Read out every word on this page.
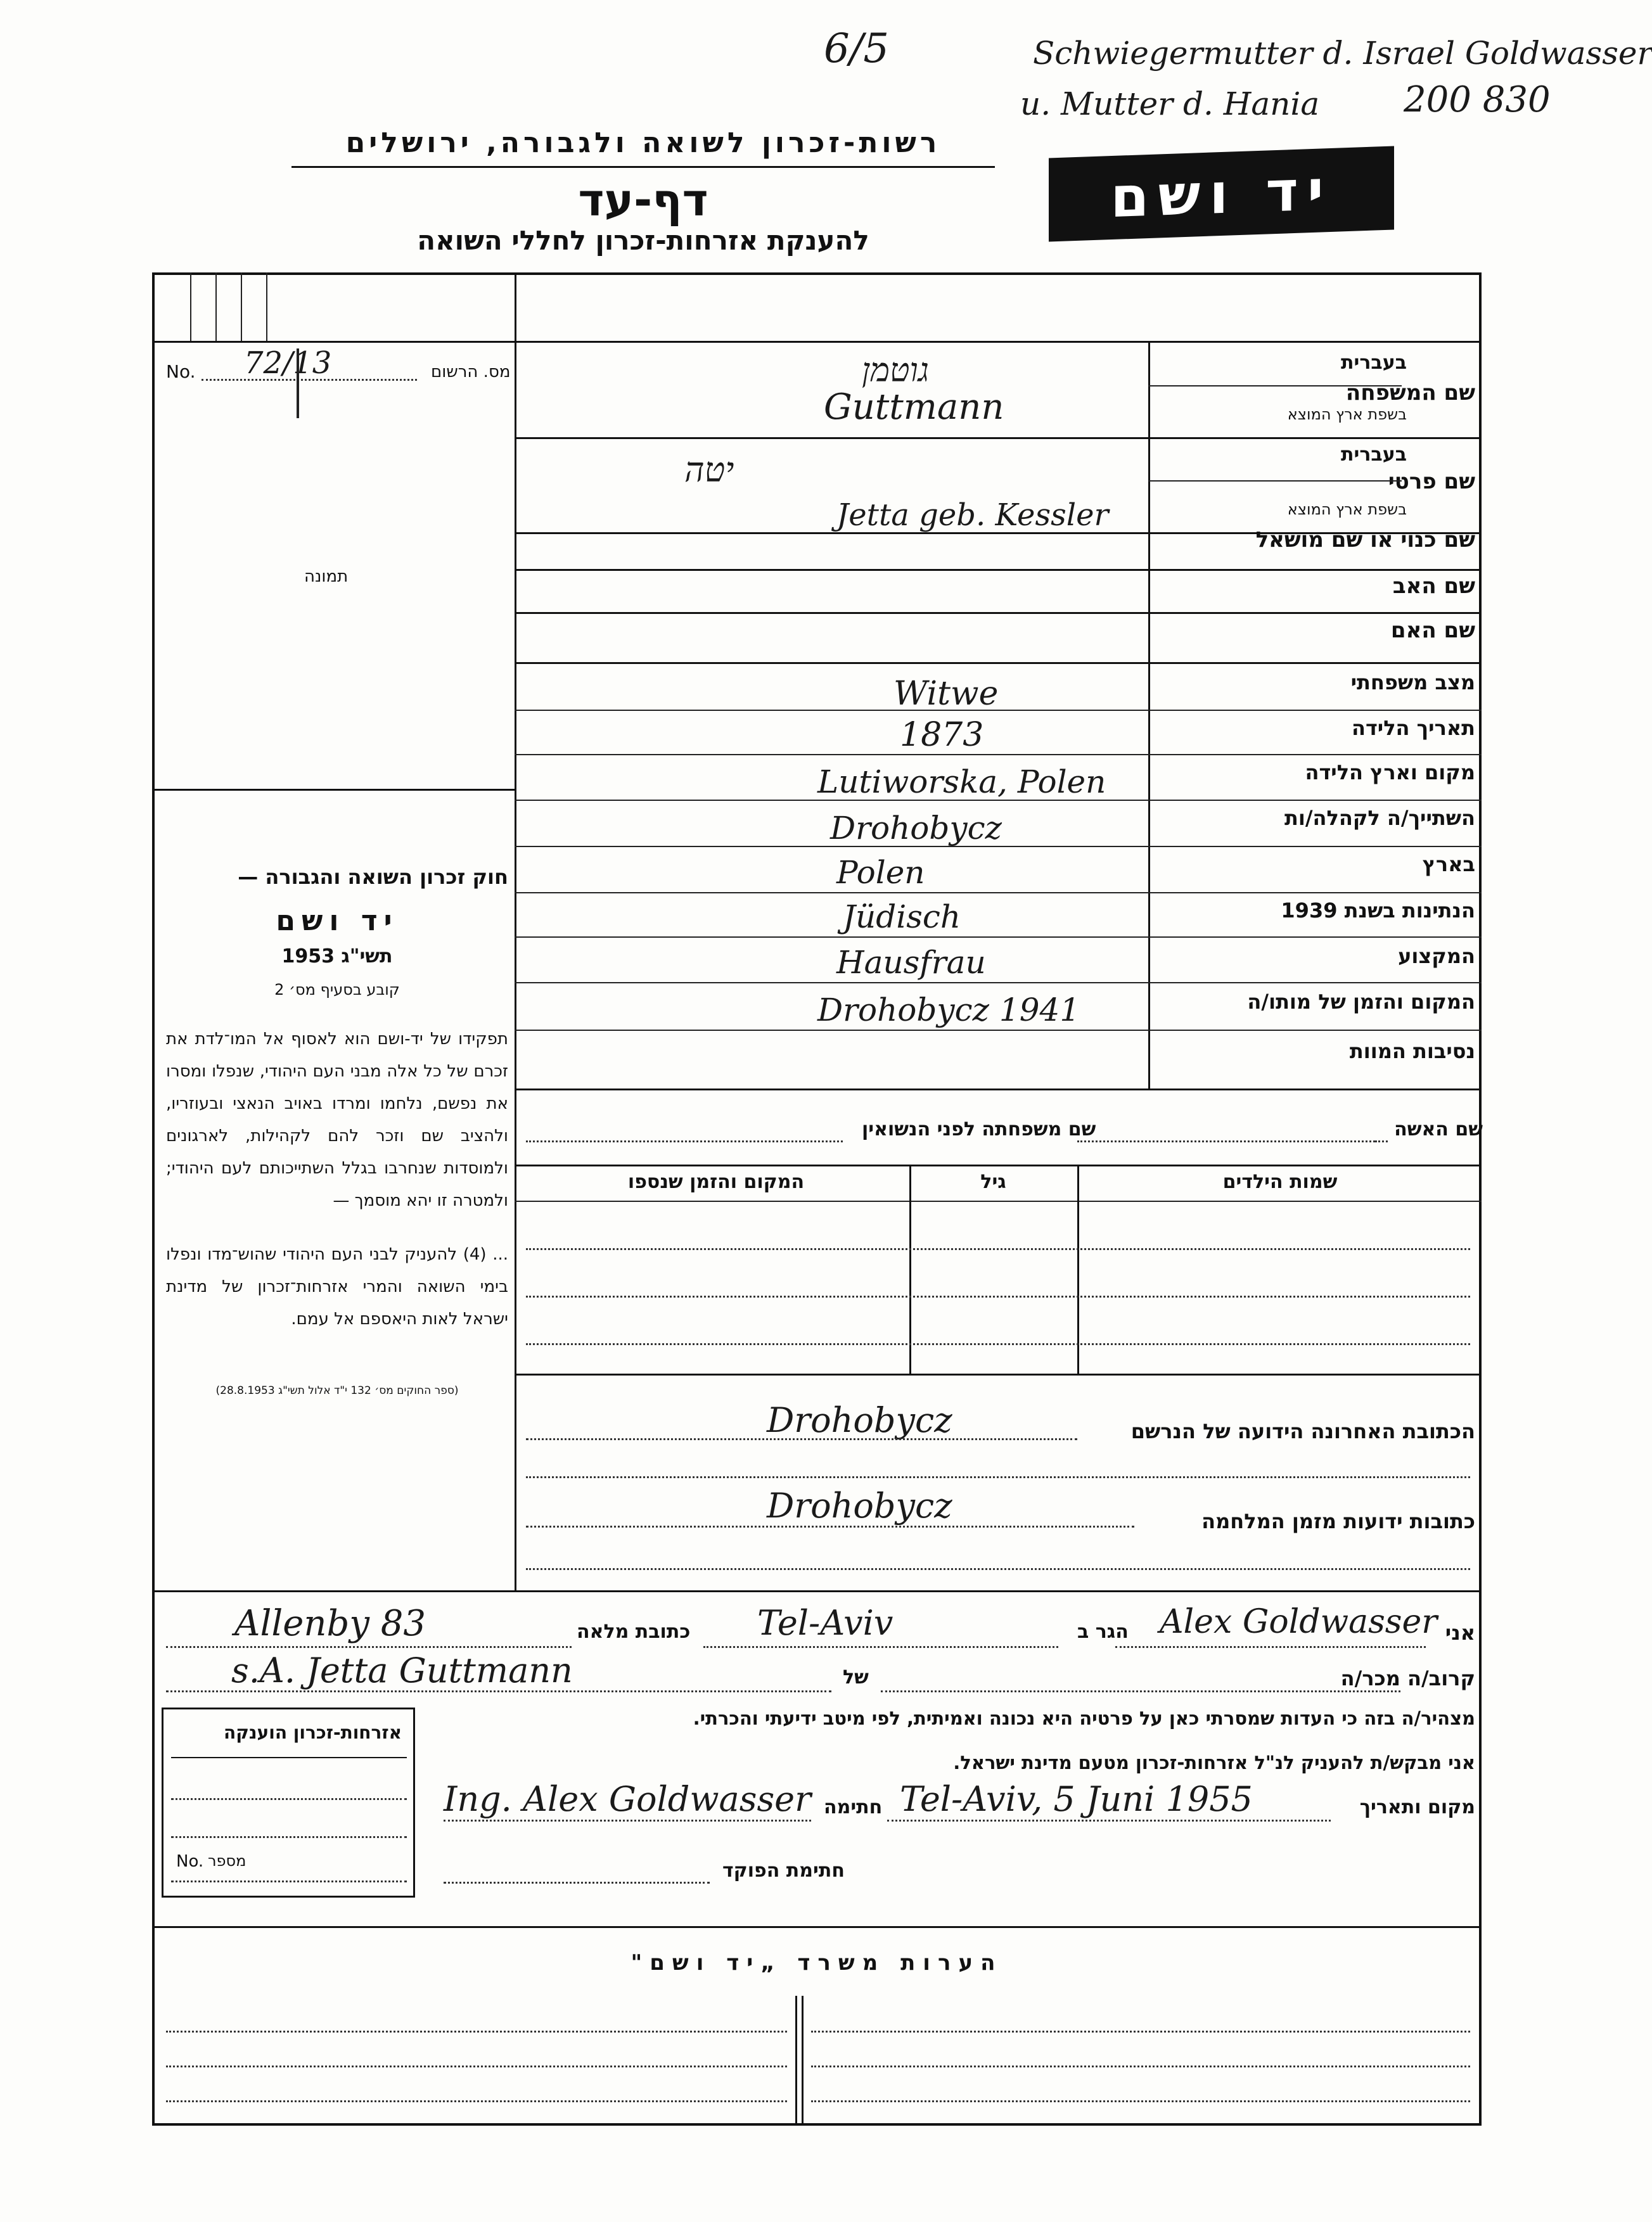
6/5	Schwiegermutter d. Israel Goldwasser
u. Mutter d. Hania 200 830
רשות-זכרון לשואה ולגבורה, ירושלים
דף-עד
להענקת אזרחות-זכרון לחללי השואה
יד ושם
No. 72/13	מס. הרשום
תמונה
חוק זכרון השואה והגבורה —
יד ושם
תשי"ג 1953
קובע בסעיף מס׳ 2
תפקידו של יד-ושם הוא לאסוף אל המו־לדת את זכרם של כל אלה מבני העם היהודי, שנפלו ומסרו את נפשם, נלחמו ומרדו באויב הנאצי ובעוזריו, ולהציב שם וזכר להם לקהילות, לארגונים ולמוסדות שנחרבו בגלל השתייכותם לעם היהודי; ולמטרה זו יהא מוסמך —
... (4) להעניק לבני העם היהודי שהוש־מדו ונפלו בימי השואה והמרי אזרחות־זכרון של מדינת ישראל לאות היאספם אל עמם.
(ספר החוקים מס׳ 132 י"ד אלול תשי"ג 28.8.1953)
שם המשפחה
בעברית
בשפת ארץ המוצא
גוטמן
Guttmann
שם פרטי
בעברית
בשפת ארץ המוצא
יטה
Jetta geb. Kessler
שם כנוי או שם מושאל
שם האב
שם האם
מצב משפחתי
Witwe
תאריך הלידה
1873
מקום וארץ הלידה
Lutiworska, Polen
השתייך/ה לקהלה/ות
Drohobycz
בארץ
Polen
הנתינות בשנת 1939
Jüdisch
המקצוע
Hausfrau
המקום והזמן של מותו/ה
Drohobycz 1941
נסיבות המוות
שם האשה
שם משפחתה לפני הנשואין
שמות הילדים
גיל
המקום והזמן שנספו
הכתובת האחרונה הידועה של הנרשם
Drohobycz
כתובות ידועות מזמן המלחמה
Drohobycz
אני
Alex Goldwasser
הגר ב
Tel-Aviv
כתובת מלאה
Allenby 83
קרוב/ה מכר/ה
של
s.A. Jetta Guttmann
מצהיר/ה בזה כי העדות שמסרתי כאן על פרטיה היא נכונה ואמיתית, לפי מיטב ידיעתי והכרתי.
אני מבקש/ת להעניק לנ"ל אזרחות-זכרון מטעם מדינת ישראל.
מקום ותאריך
Tel-Aviv, 5 Juni 1955
חתימה
Ing. Alex Goldwasser
חתימת הפוקד
אזרחות-זכרון הוענקה
No. מספר
הערות משרד „יד ושם"
